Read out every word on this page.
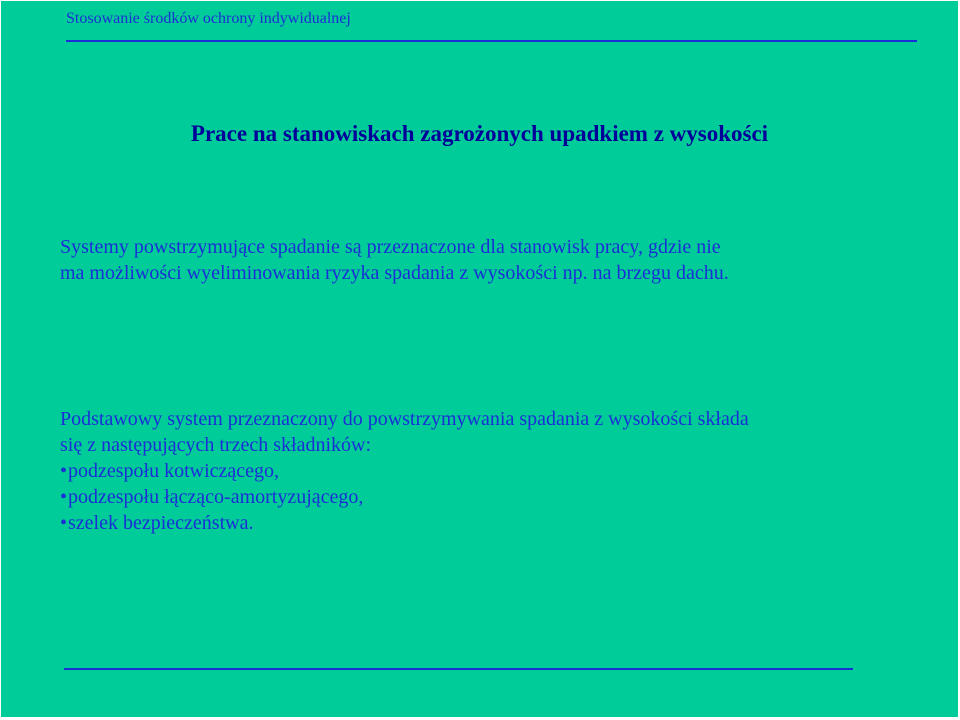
Stosowanie środków ochrony indywidualnej
Prace na stanowiskach zagrożonych upadkiem z wysokości
Systemy powstrzymujące spadanie są przeznaczone dla stanowisk pracy, gdzie nie
ma możliwości wyeliminowania ryzyka spadania z wysokości np. na brzegu dachu.
Podstawowy system przeznaczony do powstrzymywania spadania z wysokości składa
się z następujących trzech składników:
•podzespołu kotwiczącego,
•podzespołu łącząco-amortyzującego,
•szelek bezpieczeństwa.
